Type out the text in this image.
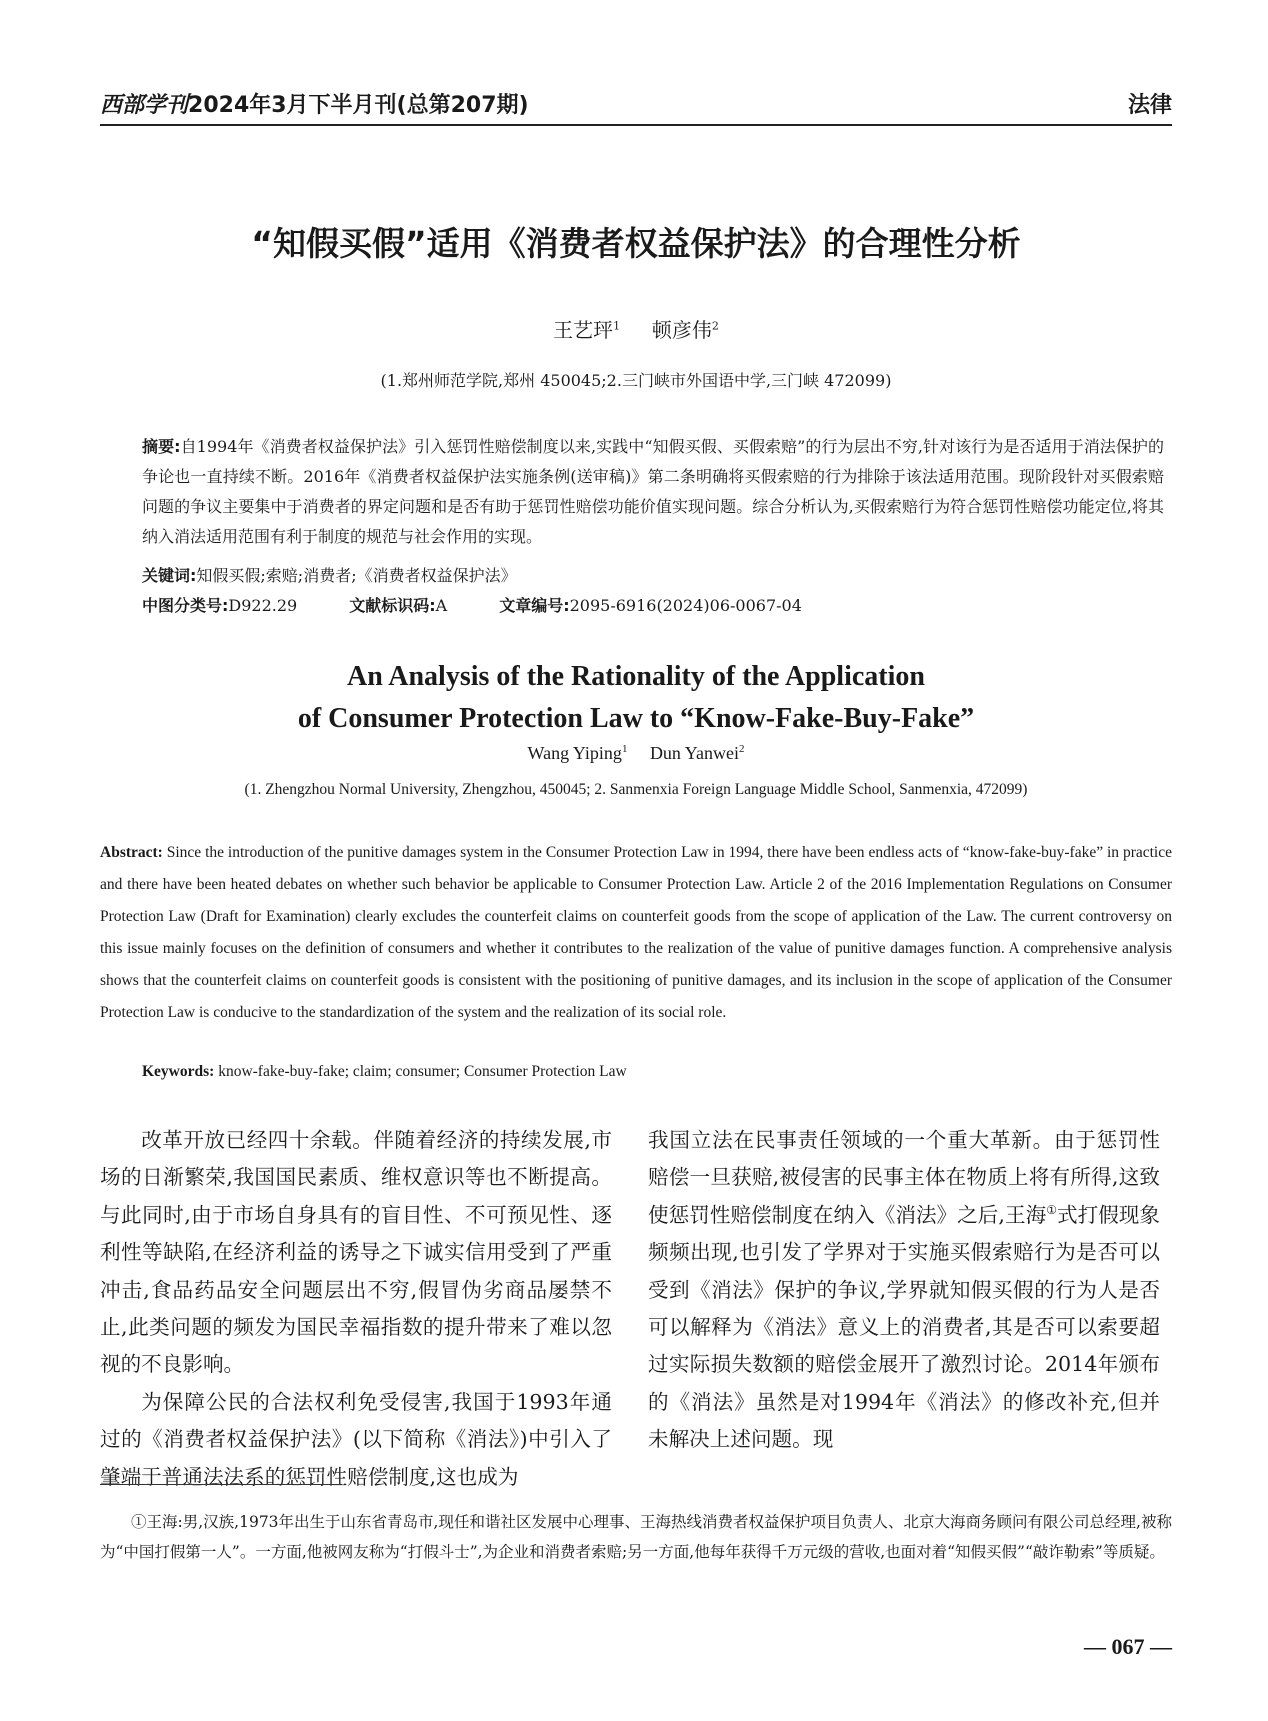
西部学刊2024年3月下半月刊(总第207期)	法律
“知假买假”适用《消费者权益保护法》的合理性分析
王艺玶$^1$ 顿彦伟$^2$
(1.郑州师范学院,郑州 450045;2.三门峡市外国语中学,三门峡 472099)
摘要:自1994年《消费者权益保护法》引入惩罚性赔偿制度以来,实践中“知假买假、买假索赔”的行为层出不穷,针对该行为是否适用于消法保护的争论也一直持续不断。2016年《消费者权益保护法实施条例(送审稿)》第二条明确将买假索赔的行为排除于该法适用范围。现阶段针对买假索赔问题的争议主要集中于消费者的界定问题和是否有助于惩罚性赔偿功能价值实现问题。综合分析认为,买假索赔行为符合惩罚性赔偿功能定位,将其纳入消法适用范围有利于制度的规范与社会作用的实现。
关键词:知假买假;索赔;消费者;《消费者权益保护法》
中图分类号:D922.29	文献标识码:A	文章编号:2095-6916(2024)06-0067-04
An Analysis of the Rationality of the Application
of Consumer Protection Law to “Know-Fake-Buy-Fake”
Wang Yiping$^1$ Dun Yanwei$^2$
(1. Zhengzhou Normal University, Zhengzhou, 450045; 2. Sanmenxia Foreign Language Middle School, Sanmenxia, 472099)
Abstract: Since the introduction of the punitive damages system in the Consumer Protection Law in 1994, there have been endless acts of “know-fake-buy-fake” in practice and there have been heated debates on whether such behavior be applicable to Consumer Protection Law. Article 2 of the 2016 Implementation Regulations on Consumer Protection Law (Draft for Examination) clearly excludes the counterfeit claims on counterfeit goods from the scope of application of the Law. The current controversy on this issue mainly focuses on the definition of consumers and whether it contributes to the realization of the value of punitive damages function. A comprehensive analysis shows that the counterfeit claims on counterfeit goods is consistent with the positioning of punitive damages, and its inclusion in the scope of application of the Consumer Protection Law is conducive to the standardization of the system and the realization of its social role.
Keywords: know-fake-buy-fake; claim; consumer; Consumer Protection Law

改革开放已经四十余载。伴随着经济的持续发展,市场的日渐繁荣,我国国民素质、维权意识等也不断提高。与此同时,由于市场自身具有的盲目性、不可预见性、逐利性等缺陷,在经济利益的诱导之下诚实信用受到了严重冲击,食品药品安全问题层出不穷,假冒伪劣商品屡禁不止,此类问题的频发为国民幸福指数的提升带来了难以忽视的不良影响。

为保障公民的合法权利免受侵害,我国于1993年通过的《消费者权益保护法》(以下简称《消法》)中引入了肇端于普通法法系的惩罚性赔偿制度,这也成为

我国立法在民事责任领域的一个重大革新。由于惩罚性赔偿一旦获赔,被侵害的民事主体在物质上将有所得,这致使惩罚性赔偿制度在纳入《消法》之后,王海①式打假现象频频出现,也引发了学界对于实施买假索赔行为是否可以受到《消法》保护的争议,学界就知假买假的行为人是否可以解释为《消法》意义上的消费者,其是否可以索要超过实际损失数额的赔偿金展开了激烈讨论。2014年颁布的《消法》虽然是对1994年《消法》的修改补充,但并未解决上述问题。现

①王海:男,汉族,1973年出生于山东省青岛市,现任和谐社区发展中心理事、王海热线消费者权益保护项目负责人、北京大海商务顾问有限公司总经理,被称为“中国打假第一人”。一方面,他被网友称为“打假斗士”,为企业和消费者索赔;另一方面,他每年获得千万元级的营收,也面对着“知假买假”“敲诈勒索”等质疑。
— 067 —
